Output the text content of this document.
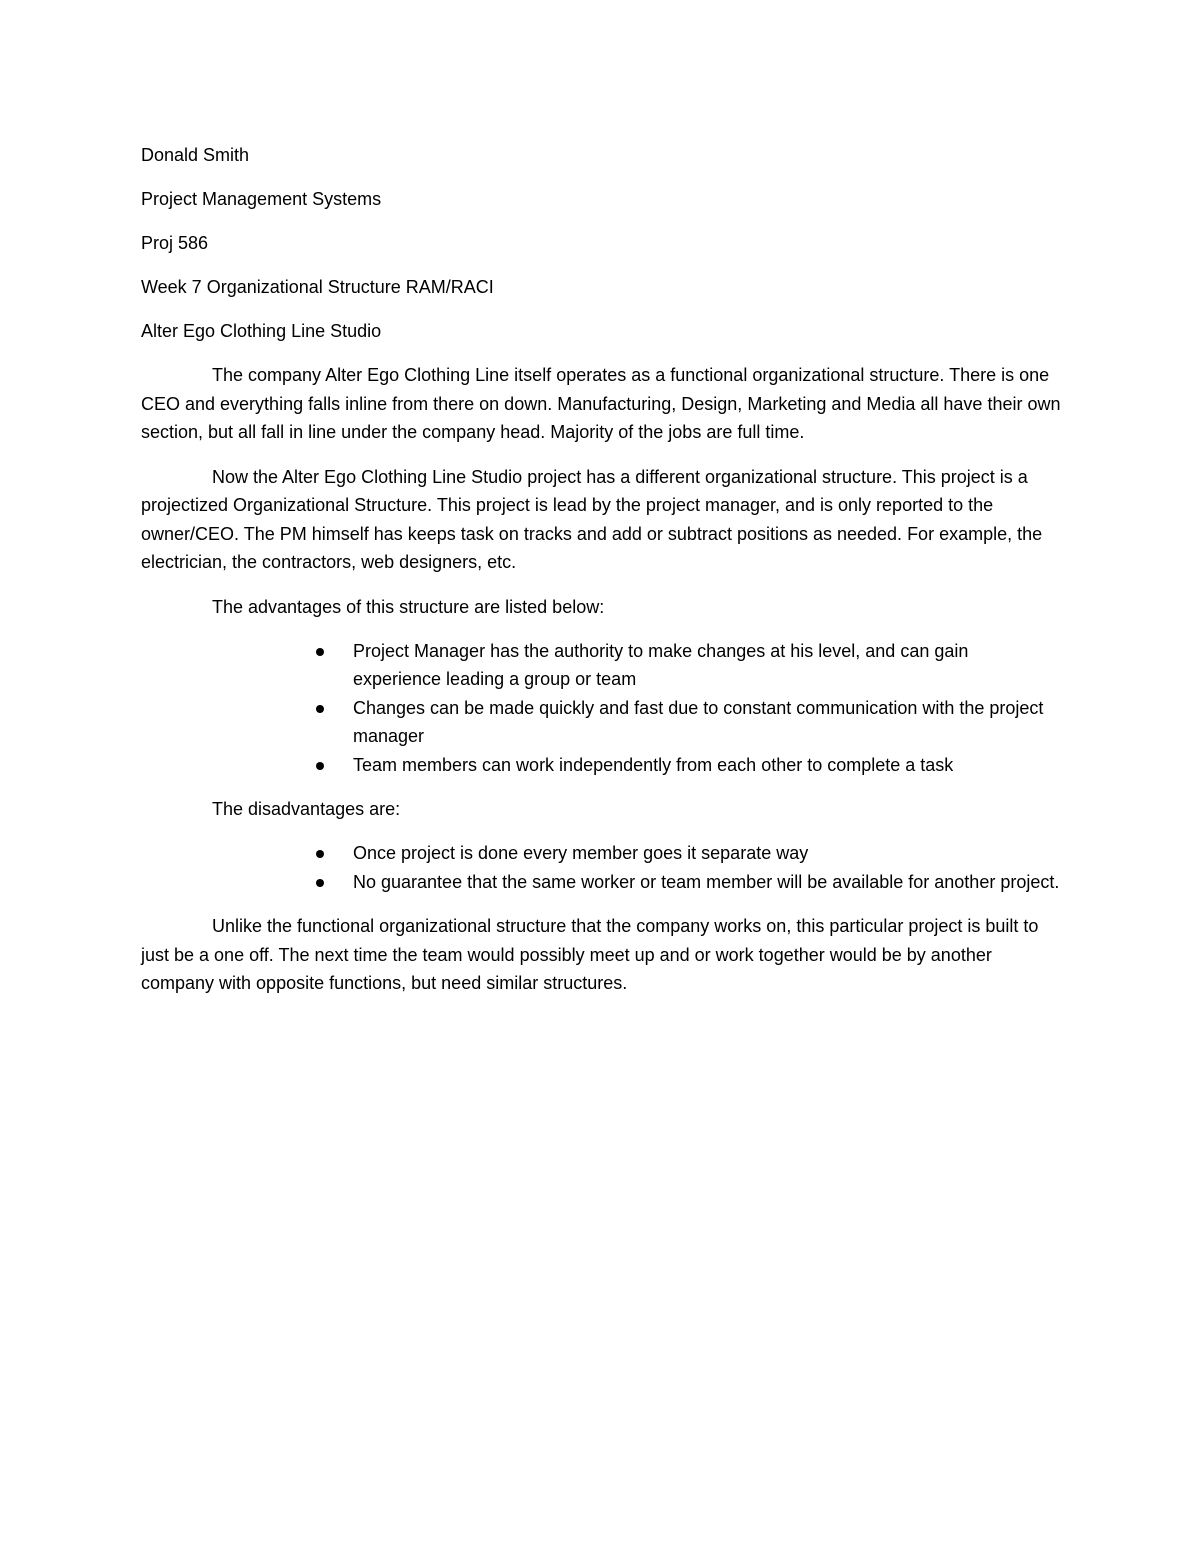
Donald Smith

Project Management Systems

Proj 586

Week 7 Organizational Structure RAM/RACI

Alter Ego Clothing Line Studio

The company Alter Ego Clothing Line itself operates as a functional organizational structure. There is one CEO and everything falls inline from there on down. Manufacturing, Design, Marketing and Media all have their own section, but all fall in line under the company head. Majority of the jobs are full time.

Now the Alter Ego Clothing Line Studio project has a different organizational structure. This project is a projectized Organizational Structure. This project is lead by the project manager, and is only reported to the owner/CEO. The PM himself has keeps task on tracks and add or subtract positions as needed. For example, the electrician, the contractors, web designers, etc.

The advantages of this structure are listed below:

Project Manager has the authority to make changes at his level, and can gain experience leading a group or team
Changes can be made quickly and fast due to constant communication with the project manager
Team members can work independently from each other to complete a task

The disadvantages are:

Once project is done every member goes it separate way
No guarantee that the same worker or team member will be available for another project.

Unlike the functional organizational structure that the company works on, this particular project is built to just be a one off. The next time the team would possibly meet up and or work together would be by another company with opposite functions, but need similar structures.
